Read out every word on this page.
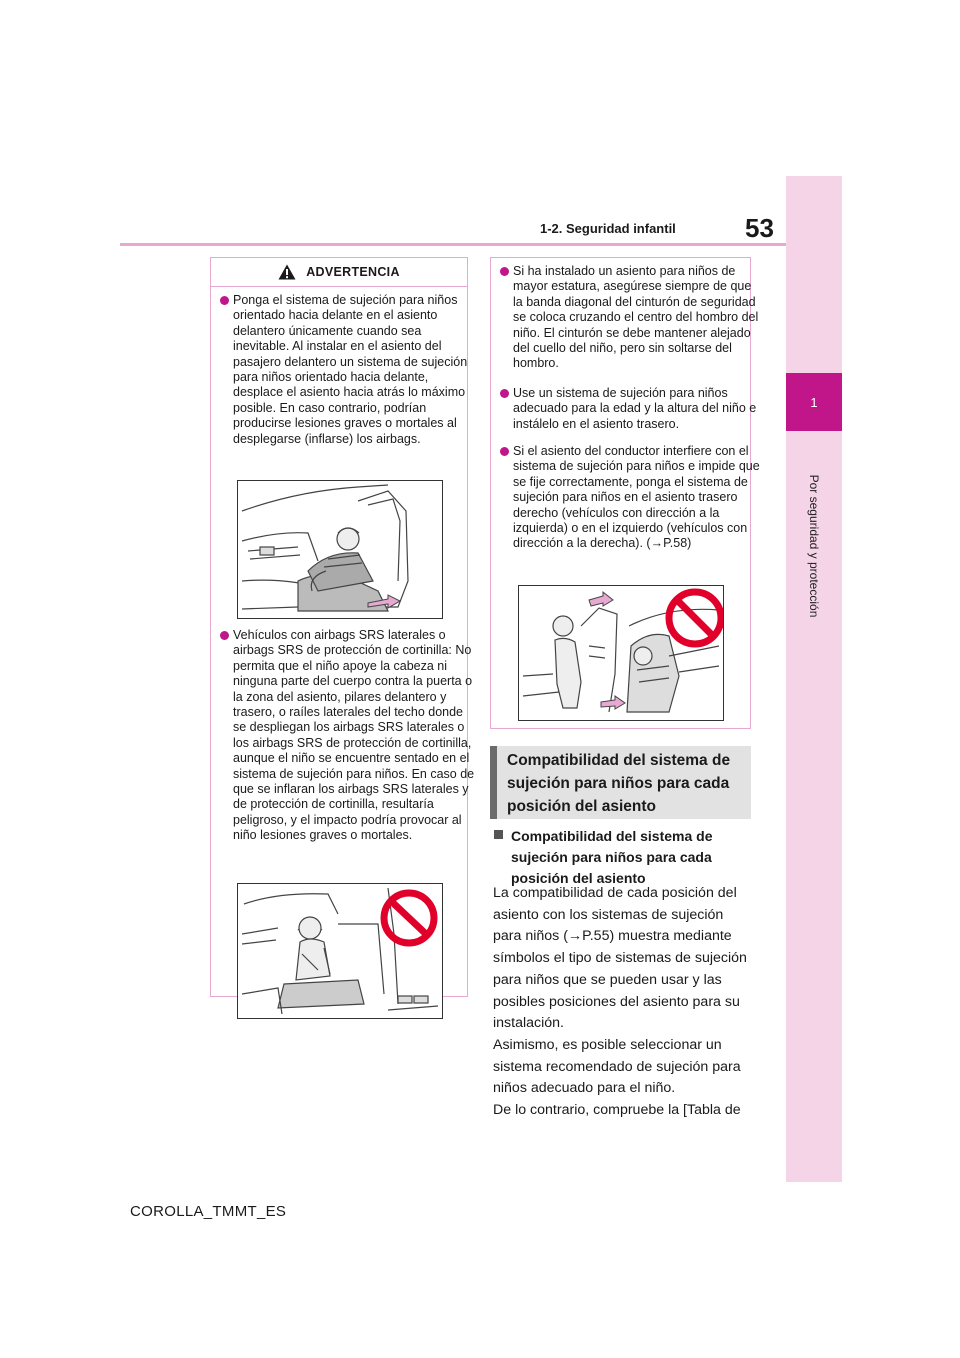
1
Por seguridad y protección
1-2. Seguridad infantil	53
ADVERTENCIA
Ponga el sistema de sujeción para niños orientado hacia delante en el asiento delantero únicamente cuando sea inevitable. Al instalar en el asiento del pasajero delantero un sistema de sujeción para niños orientado hacia delante, desplace el asiento hacia atrás lo máximo posible. En caso contrario, podrían producirse lesiones graves o mortales al desplegarse (inflarse) los airbags.
Vehículos con airbags SRS laterales o airbags SRS de protección de cortinilla: No permita que el niño apoye la cabeza ni ninguna parte del cuerpo contra la puerta o la zona del asiento, pilares delantero y trasero, o raíles laterales del techo donde se despliegan los airbags SRS laterales o los airbags SRS de protección de cortinilla, aunque el niño se encuentre sentado en el sistema de sujeción para niños. En caso de que se inflaran los airbags SRS laterales y de protección de cortinilla, resultaría peligroso, y el impacto podría provocar al niño lesiones graves o mortales.
Si ha instalado un asiento para niños de mayor estatura, asegúrese siempre de que la banda diagonal del cinturón de seguridad se coloca cruzando el centro del hombro del niño. El cinturón se debe mantener alejado del cuello del niño, pero sin soltarse del hombro.
Use un sistema de sujeción para niños adecuado para la edad y la altura del niño e instálelo en el asiento trasero.
Si el asiento del conductor interfiere con el sistema de sujeción para niños e impide que se fije correctamente, ponga el sistema de sujeción para niños en el asiento trasero derecho (vehículos con dirección a la izquierda) o en el izquierdo (vehículos con dirección a la derecha). (→P.58)
Compatibilidad del sistema de sujeción para niños para cada posición del asiento
Compatibilidad del sistema de sujeción para niños para cada posición del asiento
La compatibilidad de cada posición del asiento con los sistemas de sujeción para niños (→P.55) muestra mediante símbolos el tipo de sistemas de sujeción para niños que se pueden usar y las posibles posiciones del asiento para su instalación.
Asimismo, es posible seleccionar un sistema recomendado de sujeción para niños adecuado para el niño.
De lo contrario, compruebe la [Tabla de
COROLLA_TMMT_ES
